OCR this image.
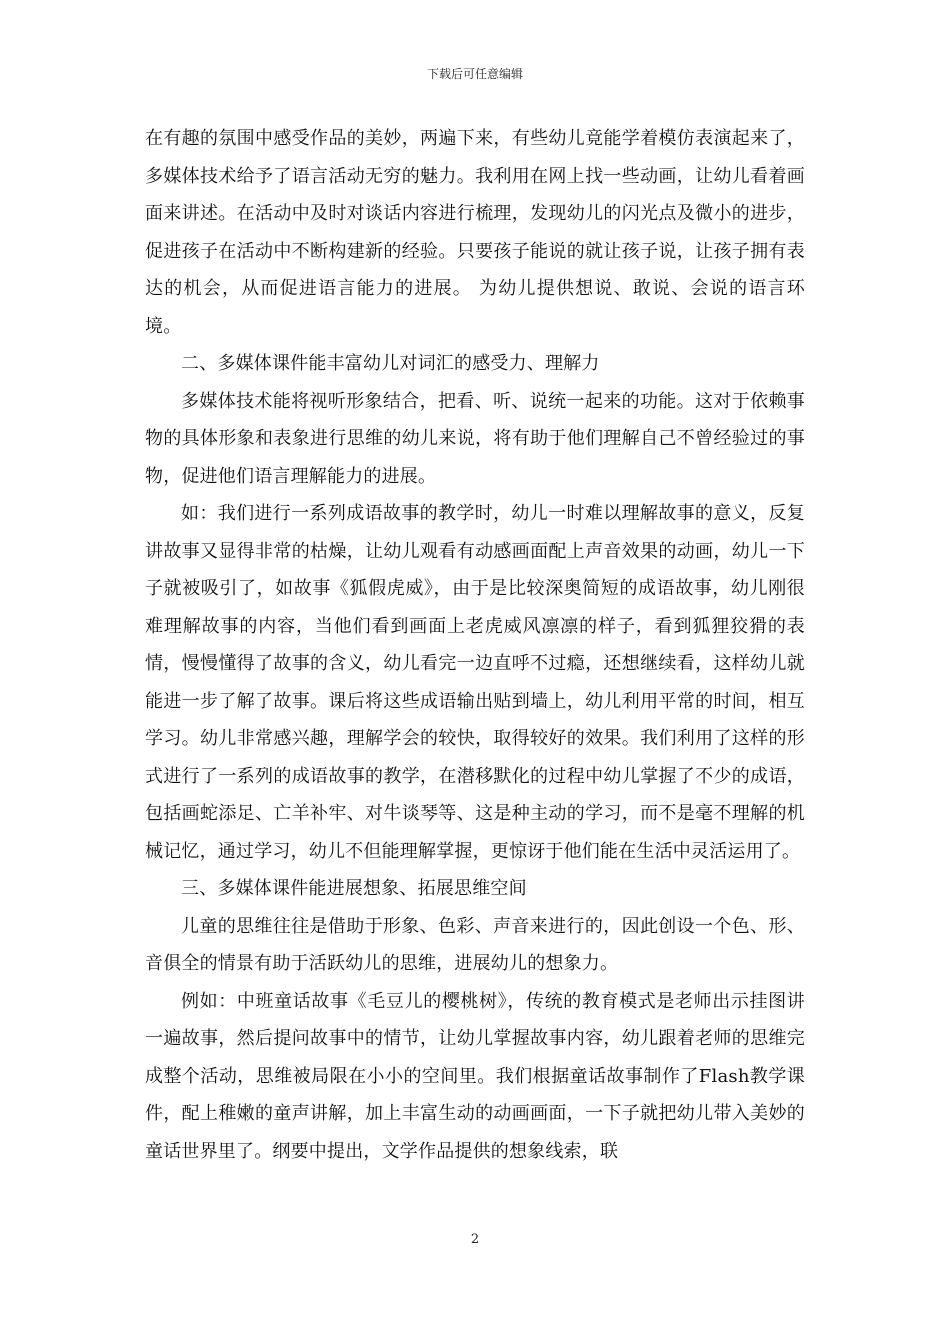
下载后可任意编辑

在有趣的氛围中感受作品的美妙，两遍下来，有些幼儿竟能学着模仿表演起来了，多媒体技术给予了语言活动无穷的魅力。我利用在网上找一些动画，让幼儿看着画面来讲述。在活动中及时对谈话内容进行梳理，发现幼儿的闪光点及微小的进步，促进孩子在活动中不断构建新的经验。只要孩子能说的就让孩子说，让孩子拥有表达的机会，从而促进语言能力的进展。 为幼儿提供想说、敢说、会说的语言环境。

二、多媒体课件能丰富幼儿对词汇的感受力、理解力

多媒体技术能将视听形象结合，把看、听、说统一起来的功能。这对于依赖事物的具体形象和表象进行思维的幼儿来说，将有助于他们理解自己不曾经验过的事物，促进他们语言理解能力的进展。

如：我们进行一系列成语故事的教学时，幼儿一时难以理解故事的意义，反复讲故事又显得非常的枯燥，让幼儿观看有动感画面配上声音效果的动画，幼儿一下子就被吸引了，如故事《狐假虎威》，由于是比较深奥简短的成语故事，幼儿刚很难理解故事的内容，当他们看到画面上老虎威风凛凛的样子，看到狐狸狡猾的表情，慢慢懂得了故事的含义，幼儿看完一边直呼不过瘾，还想继续看，这样幼儿就能进一步了解了故事。课后将这些成语输出贴到墙上，幼儿利用平常的时间，相互学习。幼儿非常感兴趣，理解学会的较快，取得较好的效果。我们利用了这样的形式进行了一系列的成语故事的教学，在潜移默化的过程中幼儿掌握了不少的成语，包括画蛇添足、亡羊补牢、对牛谈琴等、这是种主动的学习，而不是毫不理解的机械记忆，通过学习，幼儿不但能理解掌握，更惊讶于他们能在生活中灵活运用了。

三、多媒体课件能进展想象、拓展思维空间

儿童的思维往往是借助于形象、色彩、声音来进行的，因此创设一个色、形、音俱全的情景有助于活跃幼儿的思维，进展幼儿的想象力。

例如：中班童话故事《毛豆儿的樱桃树》，传统的教育模式是老师出示挂图讲一遍故事，然后提问故事中的情节，让幼儿掌握故事内容，幼儿跟着老师的思维完成整个活动，思维被局限在小小的空间里。我们根据童话故事制作了Flash教学课件，配上稚嫩的童声讲解，加上丰富生动的动画画面，一下子就把幼儿带入美妙的童话世界里了。纲要中提出，文学作品提供的想象线索，联

2
